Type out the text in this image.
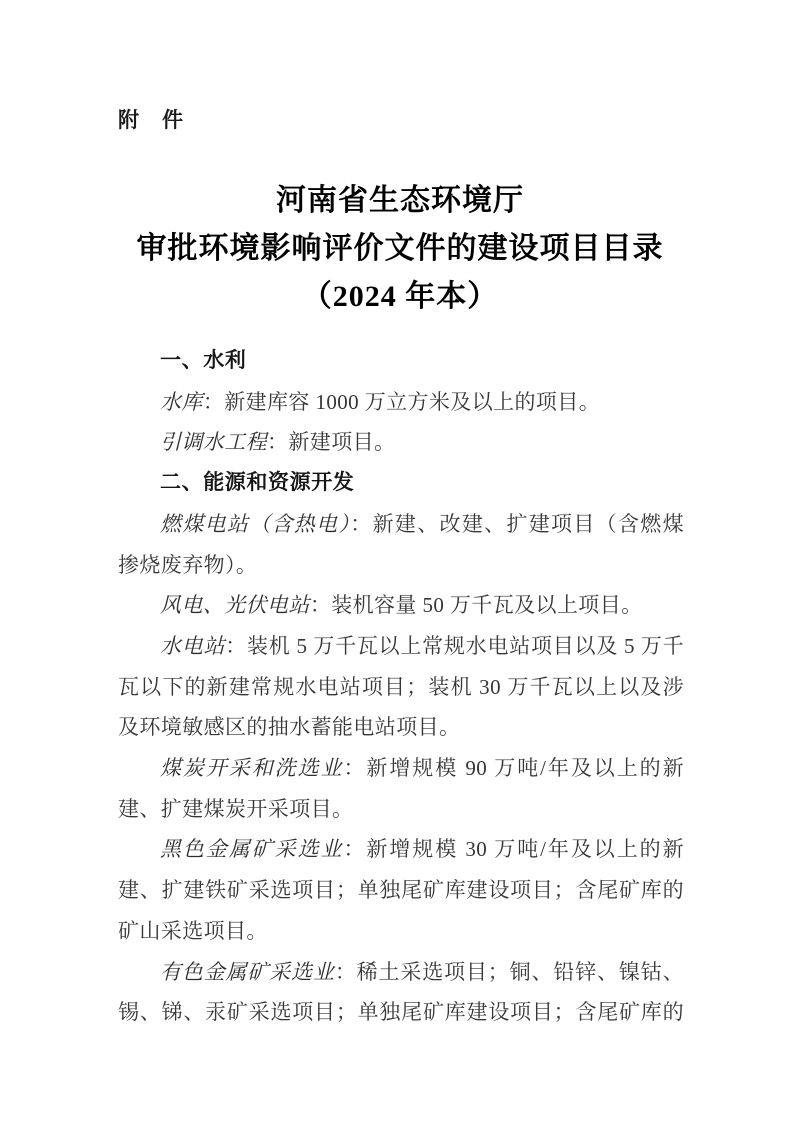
附　件
河南省生态环境厅
审批环境影响评价文件的建设项目目录
（2024 年本）

一、水利

水库：新建库容 1000 万立方米及以上的项目。

引调水工程：新建项目。

二、能源和资源开发

燃煤电站（含热电）：新建、改建、扩建项目（含燃煤掺烧废弃物）。

风电、光伏电站：装机容量 50 万千瓦及以上项目。

水电站：装机 5 万千瓦以上常规水电站项目以及 5 万千瓦以下的新建常规水电站项目；装机 30 万千瓦以上以及涉及环境敏感区的抽水蓄能电站项目。

煤炭开采和洗选业：新增规模 90 万吨/年及以上的新建、扩建煤炭开采项目。

黑色金属矿采选业：新增规模 30 万吨/年及以上的新建、扩建铁矿采选项目；单独尾矿库建设项目；含尾矿库的矿山采选项目。

有色金属矿采选业：稀土采选项目；铜、铅锌、镍钴、锡、锑、汞矿采选项目；单独尾矿库建设项目；含尾矿库的
